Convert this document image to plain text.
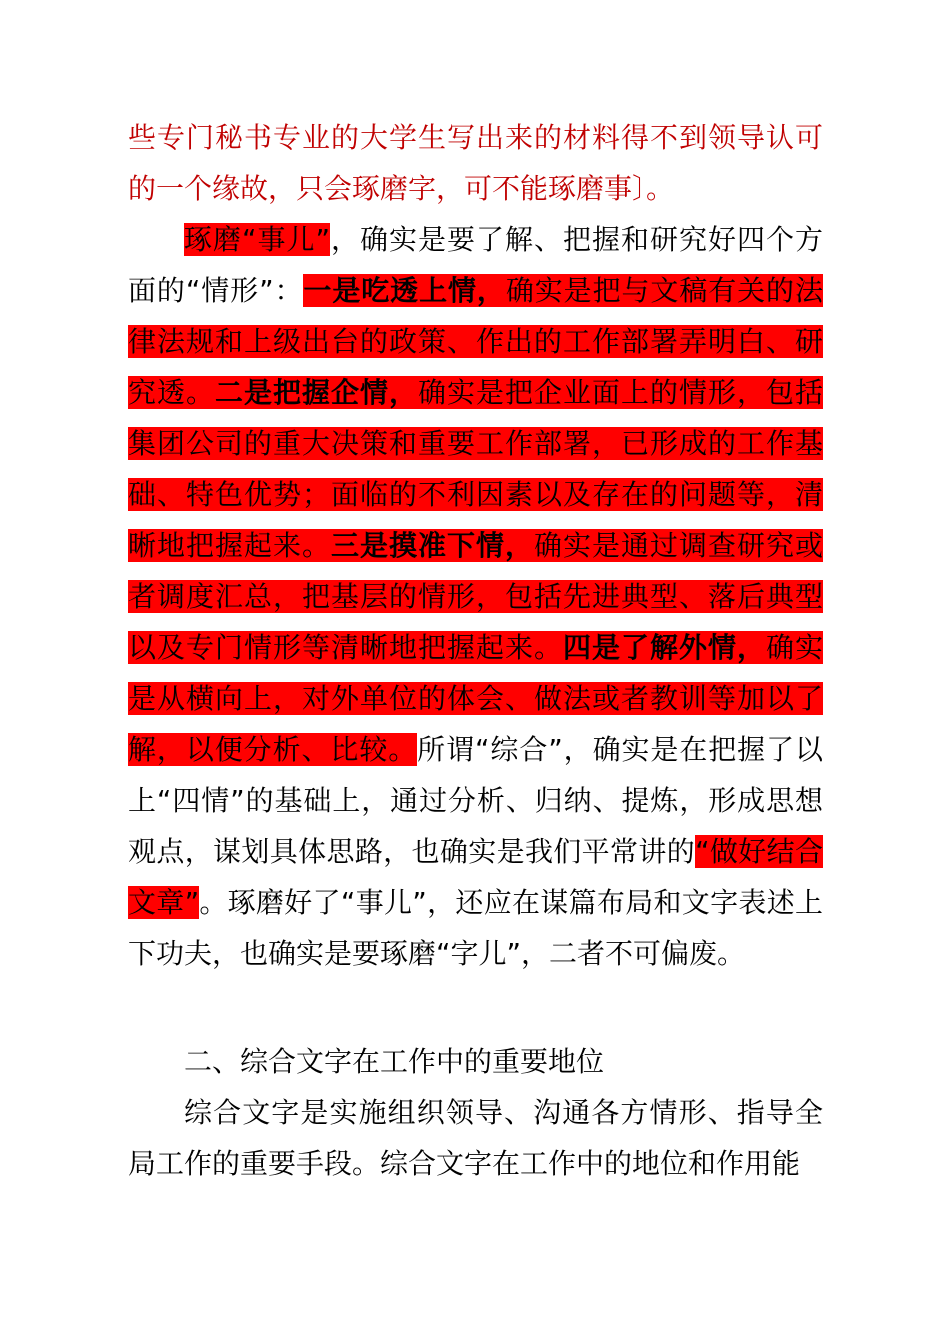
些专门秘书专业的大学生写出来的材料得不到领导认可的一个缘故，只会琢磨字，可不能琢磨事〕。

琢磨“事儿”，确实是要了解、把握和研究好四个方面的“情形”：一是吃透上情，确实是把与文稿有关的法律法规和上级出台的政策、作出的工作部署弄明白、研究透。二是把握企情，确实是把企业面上的情形，包括集团公司的重大决策和重要工作部署，已形成的工作基础、特色优势；面临的不利因素以及存在的问题等，清晰地把握起来。三是摸准下情，确实是通过调查研究或者调度汇总，把基层的情形，包括先进典型、落后典型以及专门情形等清晰地把握起来。四是了解外情，确实是从横向上，对外单位的体会、做法或者教训等加以了解，以便分析、比较。所谓“综合”，确实是在把握了以上“四情”的基础上，通过分析、归纳、提炼，形成思想观点，谋划具体思路，也确实是我们平常讲的“做好结合文章”。琢磨好了“事儿”，还应在谋篇布局和文字表述上下功夫，也确实是要琢磨“字儿”，二者不可偏废。

二、综合文字在工作中的重要地位

综合文字是实施组织领导、沟通各方情形、指导全局工作的重要手段。综合文字在工作中的地位和作用能
